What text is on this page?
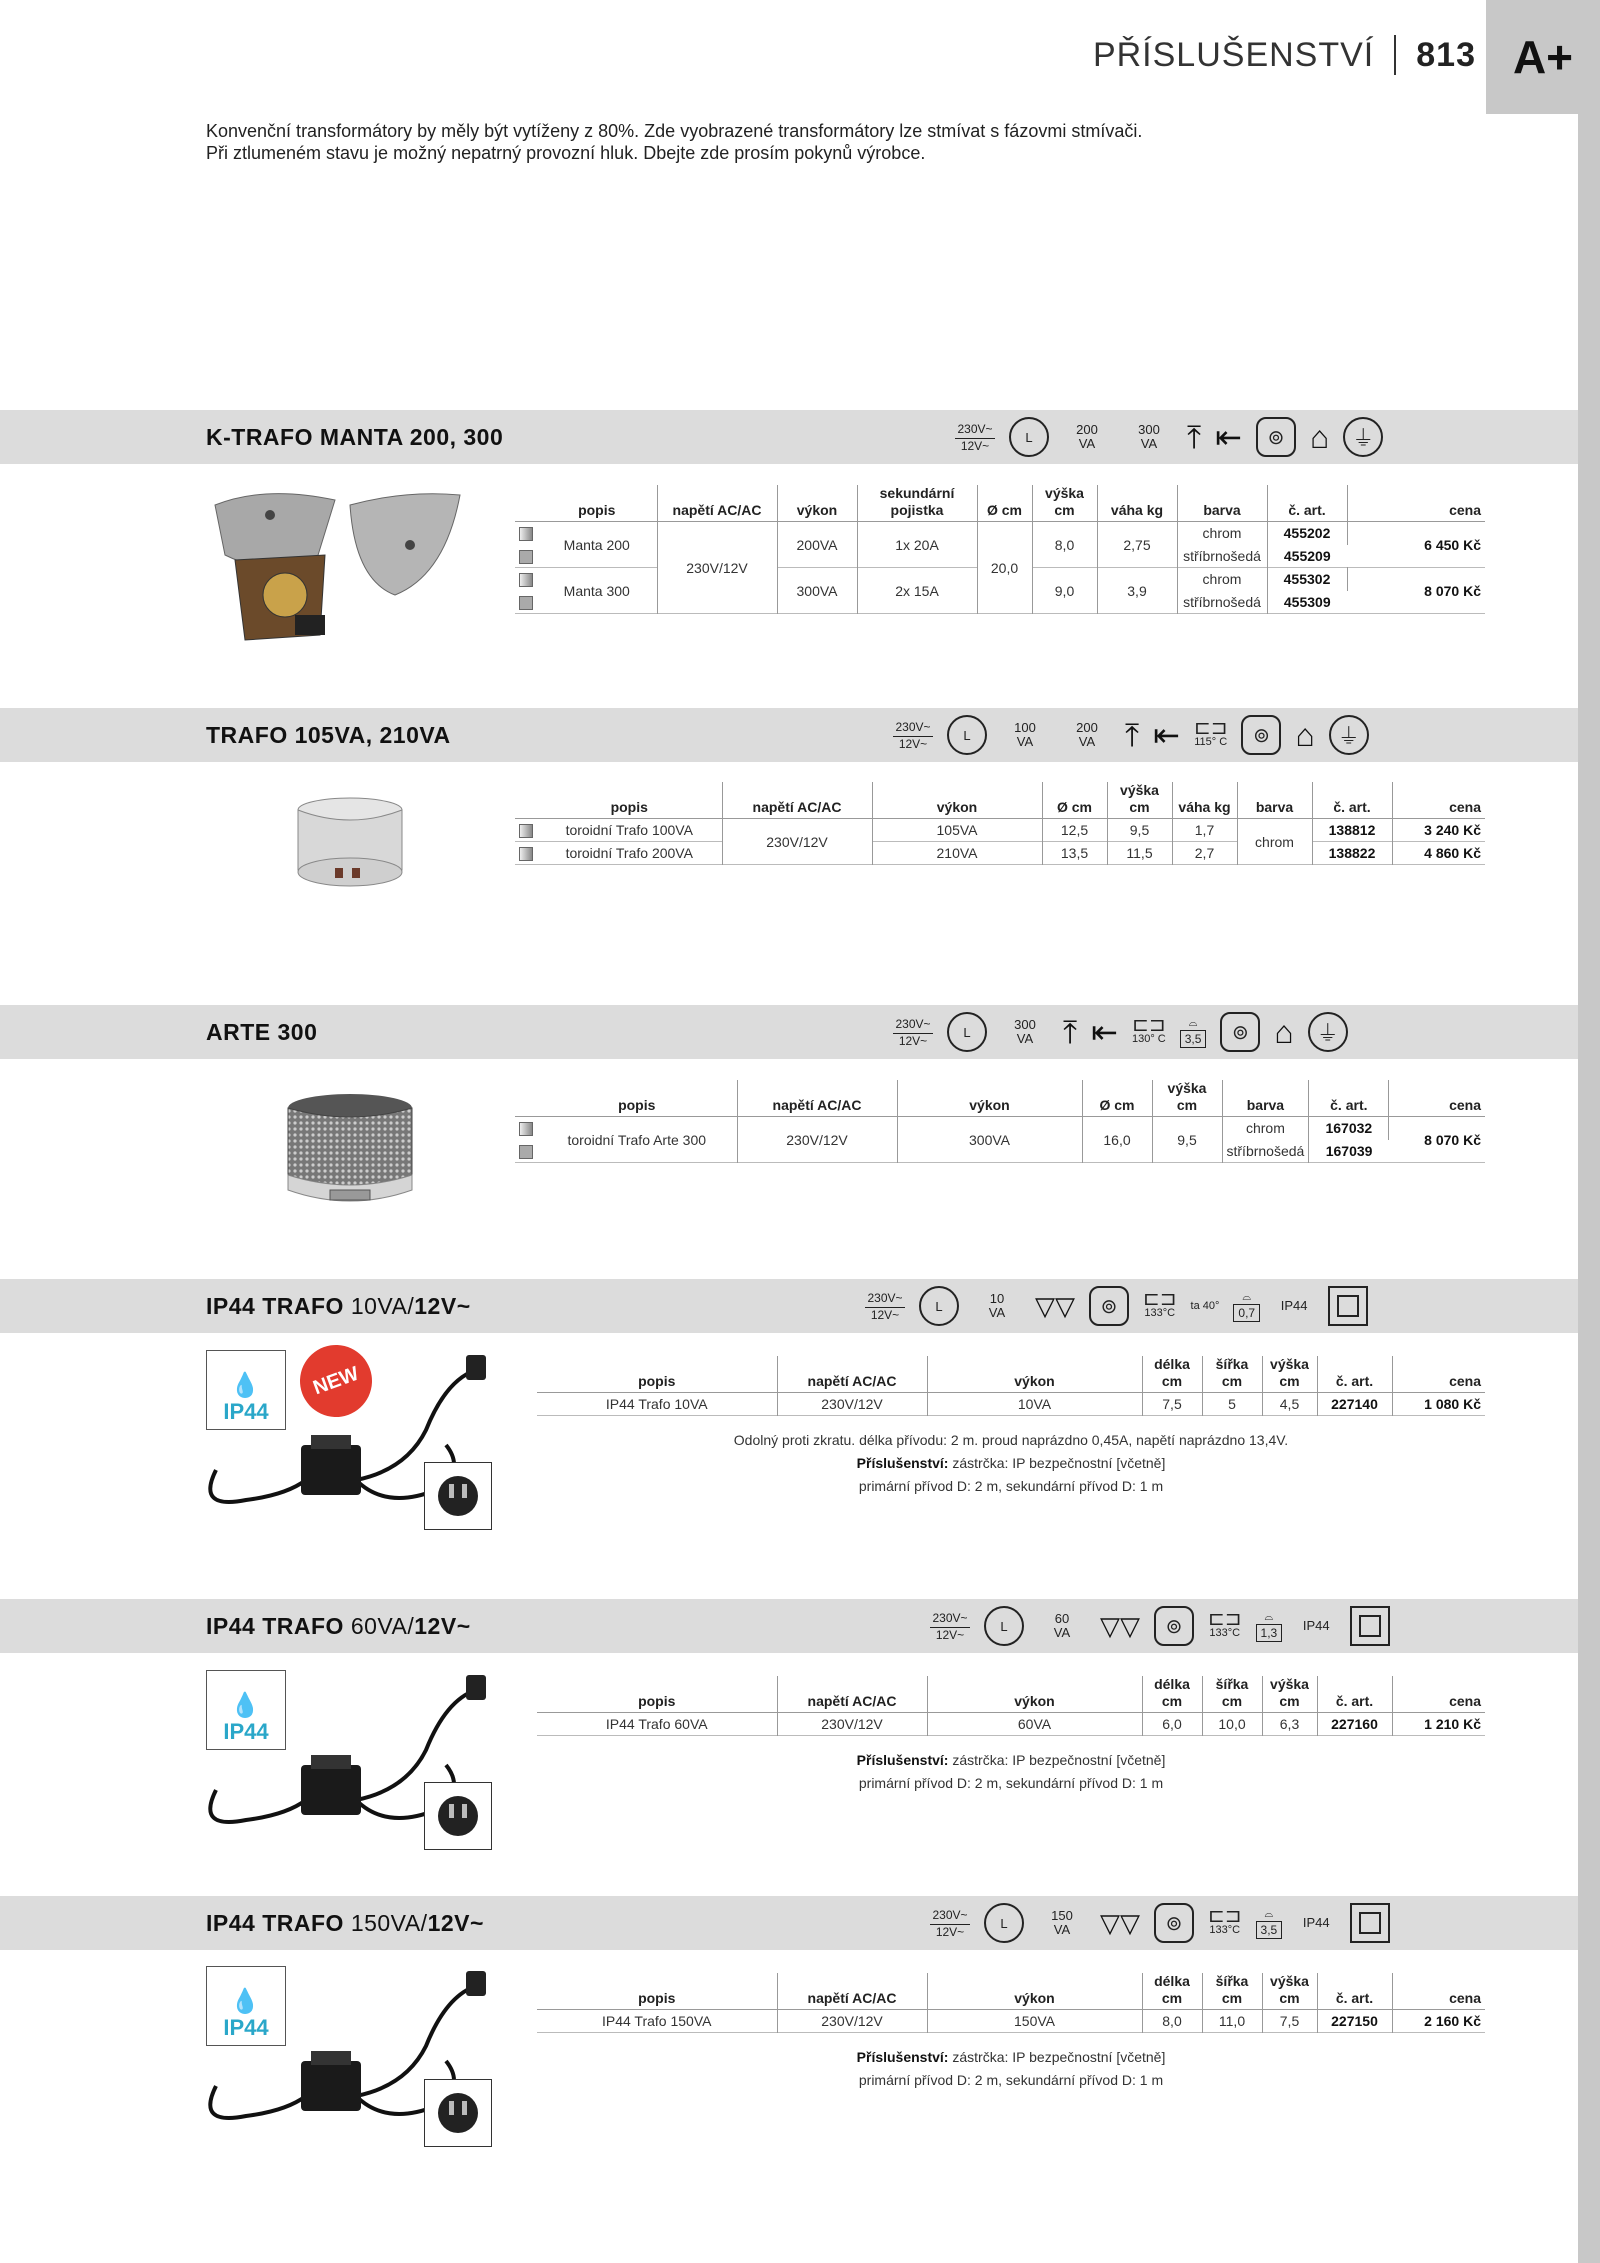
PŘÍSLUŠENSTVÍ 813 A+
Konvenční transformátory by měly být vytíženy z 80%. Zde vyobrazené transformátory lze stmívat s fázovmi stmívači.
Při ztlumeném stavu je možný nepatrný provozní hluk. Dbejte zde prosím pokynů výrobce.
K-TRAFO MANTA 200, 300	230V~
12V~
L	200
VA
300
VA ⤒ ⇤ ⊚ ⌂ ⏚
	popis	napětí AC/AC	výkon	sekundární pojistka	Ø cm	výška cm	váha kg	barva	č. art.	cena
	Manta 200	230V/12V	200VA	1x 20A	20,0	8,0	2,75	chrom	455202	6 450 Kč
								stříbrnošedá	455209	
	Manta 300		300VA	2x 15A		9,0	3,9	chrom	455302	8 070 Kč
								stříbrnošedá	455309	
TRAFO 105VA, 210VA	230V~
12V~
L	100
VA
200
VA ⤒ ⇤ ⊏⊐
115° C ⊚ ⌂ ⏚
	popis	napětí AC/AC	výkon	Ø cm	výška cm	váha kg	barva	č. art.	cena
	toroidní Trafo 100VA	230V/12V	105VA	12,5	9,5	1,7	chrom	138812	3 240 Kč
	toroidní Trafo 200VA		210VA	13,5	11,5	2,7		138822	4 860 Kč
ARTE 300	230V~
12V~
L	300
VA ⤒ ⇤ ⊏⊐
130° C
⌓
3,5 ⊚ ⌂ ⏚
	popis	napětí AC/AC	výkon	Ø cm	výška cm	barva	č. art.	cena
	toroidní Trafo Arte 300	230V/12V	300VA	16,0	9,5	chrom	167032	8 070 Kč
						stříbrnošedá	167039	
IP44 TRAFO 10VA/12V~	230V~
12V~
L	10
VA ▽▽ ⊚ ⊏⊐
133°C
ta 40°
⌓
0,7	IP44
💧
IP44
NEW	popis	napětí AC/AC	výkon	délka cm	šířka cm	výška cm	č. art.	cena
IP44 Trafo 10VA	230V/12V	10VA	7,5	5	4,5	227140	1 080 Kč
Odolný proti zkratu. délka přívodu: 2 m. proud naprázdno 0,45A, napětí naprázdno 13,4V.
Příslušenství: zástrčka: IP bezpečnostní [včetně]
primární přívod D: 2 m, sekundární přívod D: 1 m
IP44 TRAFO 60VA/12V~	230V~
12V~
L	60
VA ▽▽ ⊚ ⊏⊐
133°C
⌓
1,3	IP44
💧
IP44
popis	napětí AC/AC	výkon	délka cm	šířka cm	výška cm	č. art.	cena
IP44 Trafo 60VA	230V/12V	60VA	6,0	10,0	6,3	227160	1 210 Kč
Příslušenství: zástrčka: IP bezpečnostní [včetně]
primární přívod D: 2 m, sekundární přívod D: 1 m
IP44 TRAFO 150VA/12V~	230V~
12V~
L	150
VA ▽▽ ⊚ ⊏⊐
133°C
⌓
3,5	IP44
💧
IP44
popis	napětí AC/AC	výkon	délka cm	šířka cm	výška cm	č. art.	cena
IP44 Trafo 150VA	230V/12V	150VA	8,0	11,0	7,5	227150	2 160 Kč
Příslušenství: zástrčka: IP bezpečnostní [včetně]
primární přívod D: 2 m, sekundární přívod D: 1 m
